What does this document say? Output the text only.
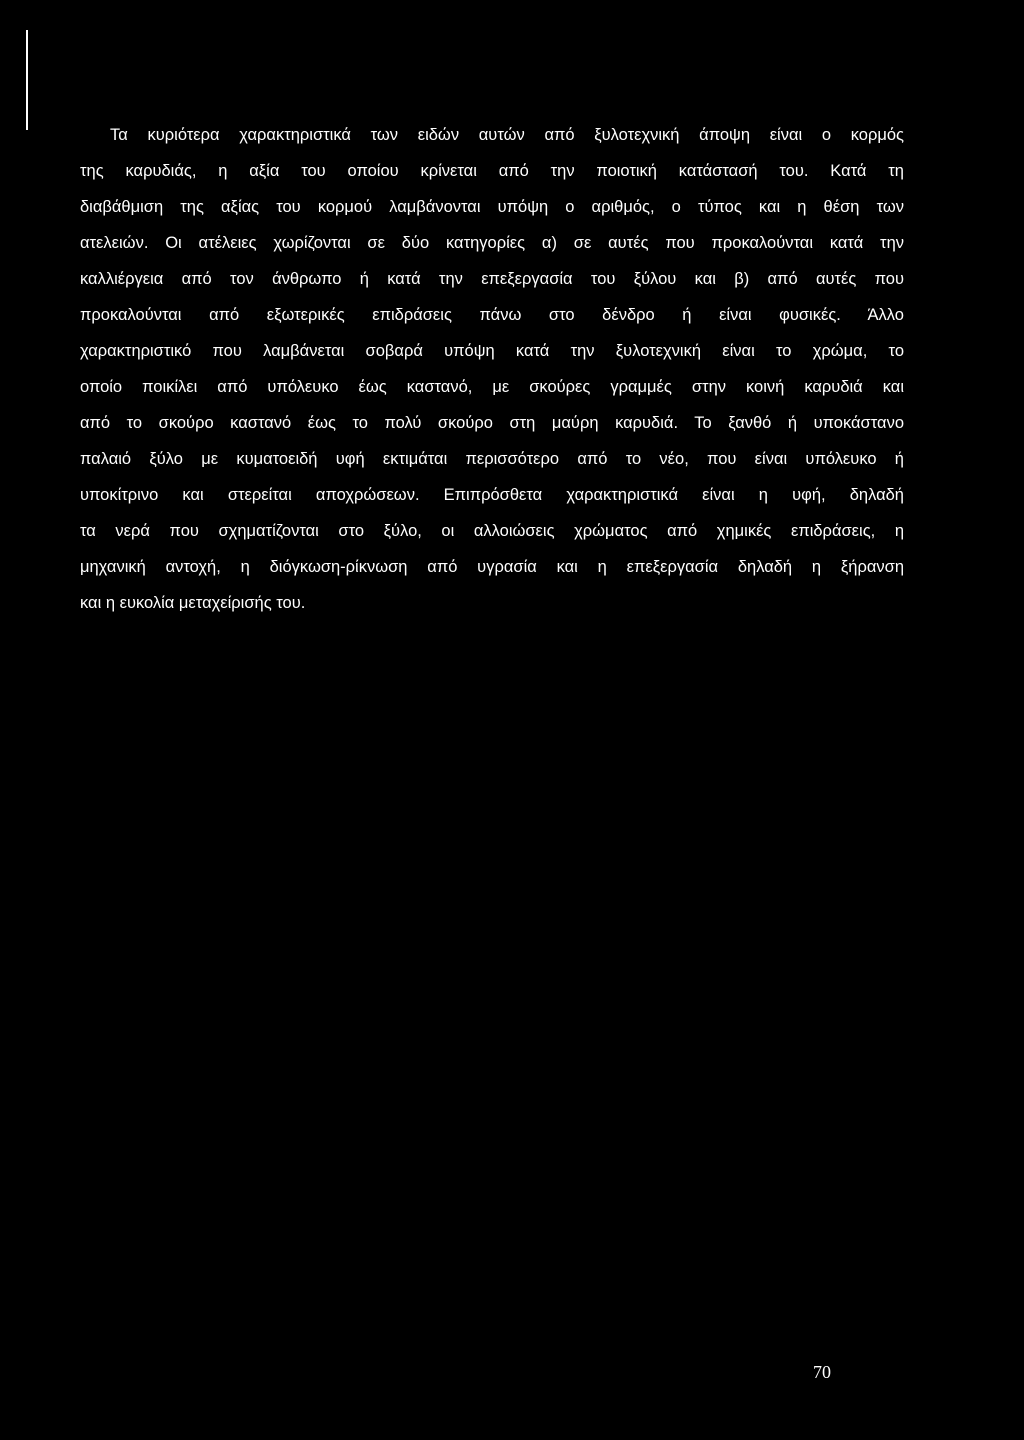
Τα κυριότερα χαρακτηριστικά των ειδών αυτών από ξυλοτεχνική άποψη είναι ο κορμός
της καρυδιάς, η αξία του οποίου κρίνεται από την ποιοτική κατάστασή του. Κατά τη
διαβάθμιση της αξίας του κορμού λαμβάνονται υπόψη ο αριθμός, ο τύπος και η θέση των
ατελειών. Οι ατέλειες χωρίζονται σε δύο κατηγορίες α) σε αυτές που προκαλούνται κατά την
καλλιέργεια από τον άνθρωπο ή κατά την επεξεργασία του ξύλου και β) από αυτές που
προκαλούνται από εξωτερικές επιδράσεις πάνω στο δένδρο ή είναι φυσικές. Άλλο
χαρακτηριστικό που λαμβάνεται σοβαρά υπόψη κατά την ξυλοτεχνική είναι το χρώμα, το
οποίο ποικίλει από υπόλευκο έως καστανό, με σκούρες γραμμές στην κοινή καρυδιά και
από το σκούρο καστανό έως το πολύ σκούρο στη μαύρη καρυδιά. Το ξανθό ή υποκάστανο
παλαιό ξύλο με κυματοειδή υφή εκτιμάται περισσότερο από το νέο, που είναι υπόλευκο ή
υποκίτρινο και στερείται αποχρώσεων. Επιπρόσθετα χαρακτηριστικά είναι η υφή, δηλαδή
τα νερά που σχηματίζονται στο ξύλο, οι αλλοιώσεις χρώματος από χημικές επιδράσεις, η
μηχανική αντοχή, η διόγκωση-ρίκνωση από υγρασία και η επεξεργασία δηλαδή η ξήρανση
και η ευκολία μεταχείρισής του.
70
